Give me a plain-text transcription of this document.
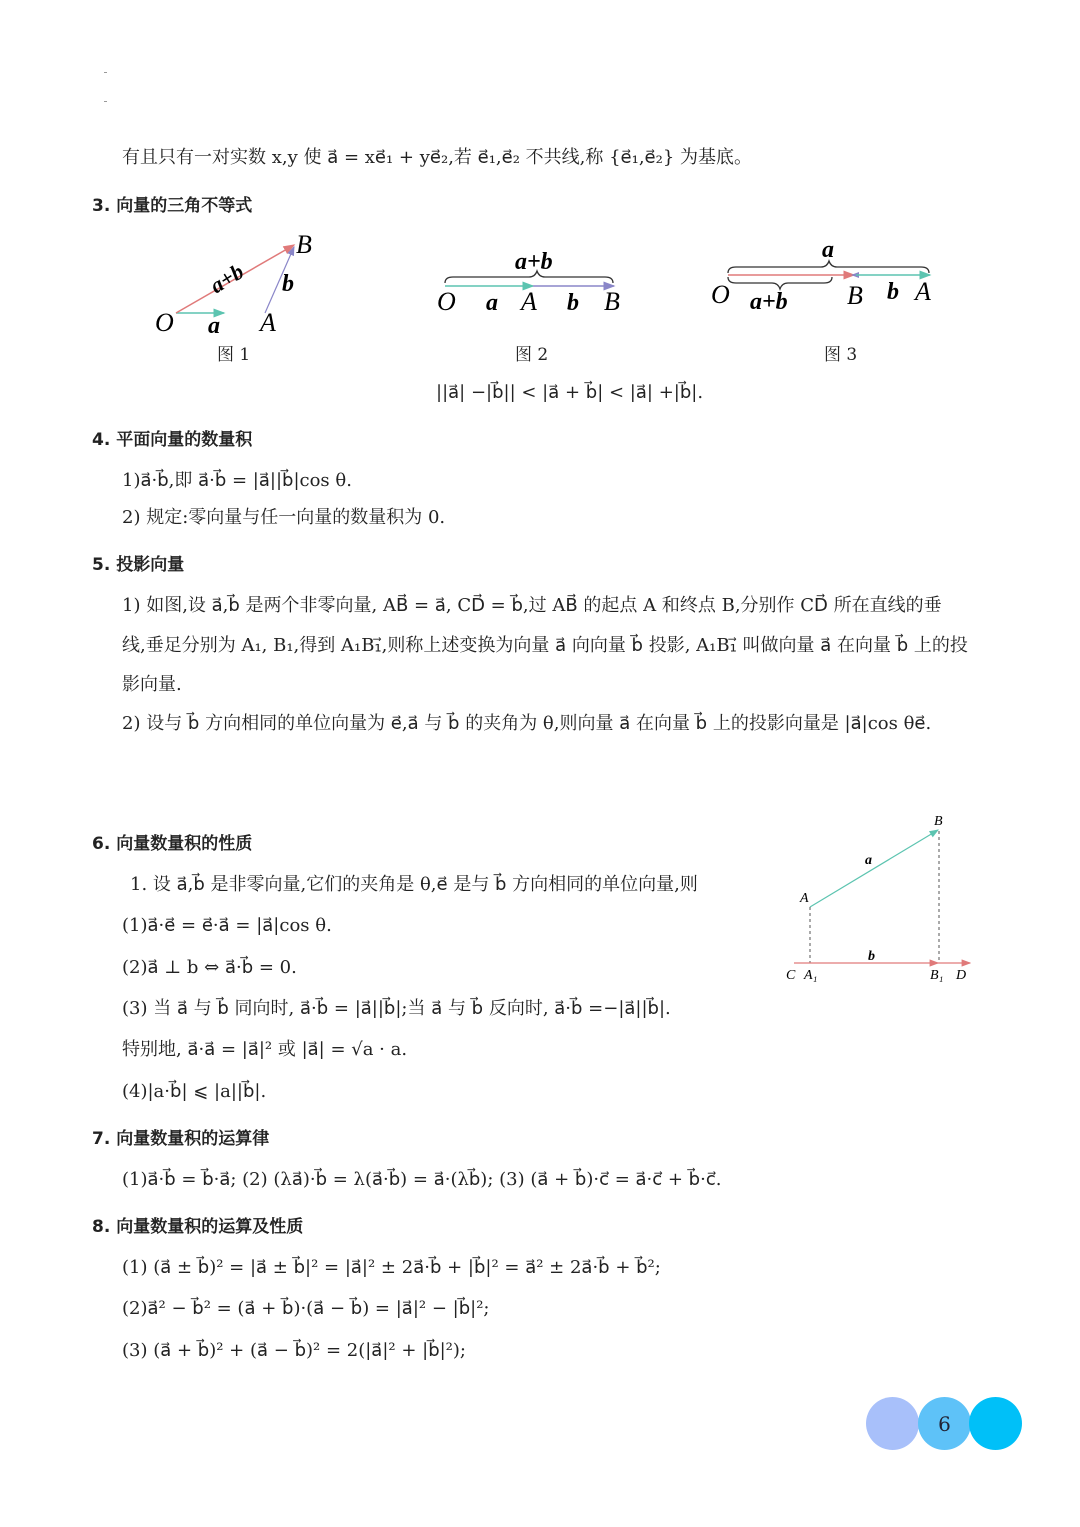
有且只有一对实数 x,y 使 a⃗ = xe⃗₁ + ye⃗₂,若 e⃗₁,e⃗₂ 不共线,称 {e⃗₁,e⃗₂} 为基底。
3. 向量的三角不等式
O a A
B
b
a+b	a+b
O a A b B
a
O a+b B b A
图 1	图 2	图 3
||a⃗| −|b⃗|| < |a⃗ + b⃗| < |a⃗| +|b⃗|.
4. 平面向量的数量积
1)a⃗·b⃗,即 a⃗·b⃗ = |a⃗||b⃗|cos θ.
2) 规定:零向量与任一向量的数量积为 0.
5. 投影向量
1) 如图,设 a⃗,b⃗ 是两个非零向量, AB⃗ = a⃗, CD⃗ = b⃗,过 AB⃗ 的起点 A 和终点 B,分别作 CD⃗ 所在直线的垂
线,垂足分别为 A₁, B₁,得到 A₁B₁⃗,则称上述变换为向量 a⃗ 向向量 b⃗ 投影, A₁B₁⃗ 叫做向量 a⃗ 在向量 b⃗ 上的投
影向量.
2) 设与 b⃗ 方向相同的单位向量为 e⃗,a⃗ 与 b⃗ 的夹角为 θ,则向量 a⃗ 在向量 b⃗ 上的投影向量是 |a⃗|cos θe⃗.
6. 向量数量积的性质
1. 设 a⃗,b⃗ 是非零向量,它们的夹角是 θ,e⃗ 是与 b⃗ 方向相同的单位向量,则
(1)a⃗·e⃗ = e⃗·a⃗ = |a⃗|cos θ.
(2)a⃗ ⊥ b ⇔ a⃗·b⃗ = 0.
(3) 当 a⃗ 与 b⃗ 同向时, a⃗·b⃗ = |a⃗||b⃗|;当 a⃗ 与 b⃗ 反向时, a⃗·b⃗ =−|a⃗||b⃗|.
特别地, a⃗·a⃗ = |a⃗|² 或 |a⃗| = √a · a.
(4)|a·b⃗| ⩽ |a||b⃗|.
B
a
A
b
C A₁	B₁ D
7. 向量数量积的运算律
(1)a⃗·b⃗ = b⃗·a⃗; (2) (λa⃗)·b⃗ = λ(a⃗·b⃗) = a⃗·(λb⃗); (3) (a⃗ + b⃗)·c⃗ = a⃗·c⃗ + b⃗·c⃗.
8. 向量数量积的运算及性质
(1) (a⃗ ± b⃗)² = |a⃗ ± b⃗|² = |a⃗|² ± 2a⃗·b⃗ + |b⃗|² = a⃗² ± 2a⃗·b⃗ + b⃗²;
(2)a⃗² − b⃗² = (a⃗ + b⃗)·(a⃗ − b⃗) = |a⃗|² − |b⃗|²;
(3) (a⃗ + b⃗)² + (a⃗ − b⃗)² = 2(|a⃗|² + |b⃗|²);
6
